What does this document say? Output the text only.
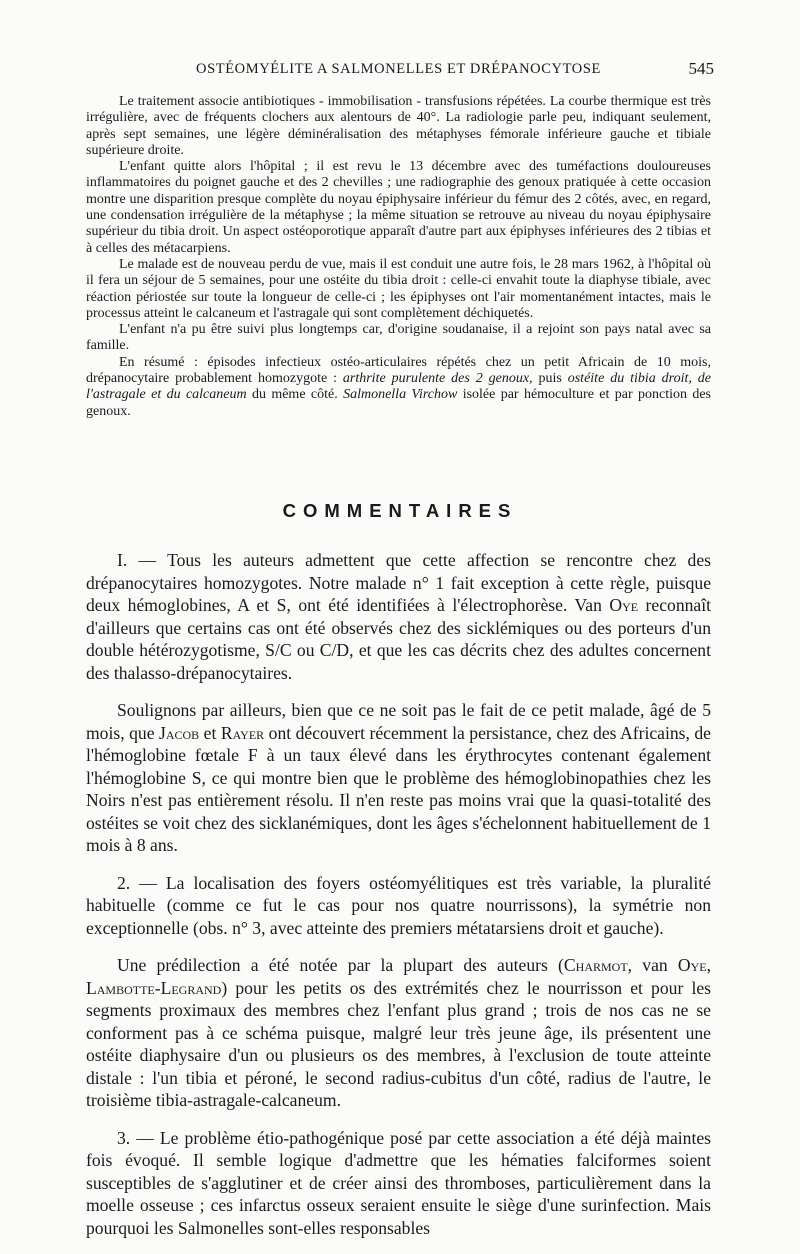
OSTÉOMYÉLITE A SALMONELLES ET DRÉPANOCYTOSE	545

Le traitement associe antibiotiques - immobilisation - transfusions répétées. La courbe thermique est très irrégulière, avec de fréquents clochers aux alentours de 40°. La radiologie parle peu, indiquant seulement, après sept semaines, une légère déminéralisation des métaphyses fémorale inférieure gauche et tibiale supérieure droite.

L'enfant quitte alors l'hôpital ; il est revu le 13 décembre avec des tuméfactions douloureuses inflammatoires du poignet gauche et des 2 chevilles ; une radiographie des genoux pratiquée à cette occasion montre une disparition presque complète du noyau épiphysaire inférieur du fémur des 2 côtés, avec, en regard, une condensation irrégulière de la métaphyse ; la même situation se retrouve au niveau du noyau épiphysaire supérieur du tibia droit. Un aspect ostéoporotique apparaît d'autre part aux épiphyses inférieures des 2 tibias et à celles des métacarpiens.

Le malade est de nouveau perdu de vue, mais il est conduit une autre fois, le 28 mars 1962, à l'hôpital où il fera un séjour de 5 semaines, pour une ostéite du tibia droit : celle-ci envahit toute la diaphyse tibiale, avec réaction périostée sur toute la longueur de celle-ci ; les épiphyses ont l'air momentanément intactes, mais le processus atteint le calcaneum et l'astragale qui sont complètement déchiquetés.

L'enfant n'a pu être suivi plus longtemps car, d'origine soudanaise, il a rejoint son pays natal avec sa famille.

En résumé : épisodes infectieux ostéo-articulaires répétés chez un petit Africain de 10 mois, drépanocytaire probablement homozygote : arthrite purulente des 2 genoux, puis ostéite du tibia droit, de l'astragale et du calcaneum du même côté. Salmonella Virchow isolée par hémoculture et par ponction des genoux.

COMMENTAIRES

I. — Tous les auteurs admettent que cette affection se rencontre chez des drépanocytaires homozygotes. Notre malade n° 1 fait exception à cette règle, puisque deux hémoglobines, A et S, ont été identifiées à l'électrophorèse. Van Oye reconnaît d'ailleurs que certains cas ont été observés chez des sicklémiques ou des porteurs d'un double hétérozygotisme, S/C ou C/D, et que les cas décrits chez des adultes concernent des thalasso-drépanocytaires.

Soulignons par ailleurs, bien que ce ne soit pas le fait de ce petit malade, âgé de 5 mois, que Jacob et Rayer ont découvert récemment la persistance, chez des Africains, de l'hémoglobine fœtale F à un taux élevé dans les érythrocytes contenant également l'hémoglobine S, ce qui montre bien que le problème des hémoglobinopathies chez les Noirs n'est pas entièrement résolu. Il n'en reste pas moins vrai que la quasi-totalité des ostéites se voit chez des sicklanémiques, dont les âges s'échelonnent habituellement de 1 mois à 8 ans.

2. — La localisation des foyers ostéomyélitiques est très variable, la pluralité habituelle (comme ce fut le cas pour nos quatre nourrissons), la symétrie non exceptionnelle (obs. n° 3, avec atteinte des premiers métatarsiens droit et gauche).

Une prédilection a été notée par la plupart des auteurs (Charmot, van Oye, Lambotte-Legrand) pour les petits os des extrémités chez le nourrisson et pour les segments proximaux des membres chez l'enfant plus grand ; trois de nos cas ne se conforment pas à ce schéma puisque, malgré leur très jeune âge, ils présentent une ostéite diaphysaire d'un ou plusieurs os des membres, à l'exclusion de toute atteinte distale : l'un tibia et péroné, le second radius-cubitus d'un côté, radius de l'autre, le troisième tibia-astragale-calcaneum.

3. — Le problème étio-pathogénique posé par cette association a été déjà maintes fois évoqué. Il semble logique d'admettre que les hématies falciformes soient susceptibles de s'agglutiner et de créer ainsi des thromboses, particulièrement dans la moelle osseuse ; ces infarctus osseux seraient ensuite le siège d'une surinfection. Mais pourquoi les Salmonelles sont-elles responsables
